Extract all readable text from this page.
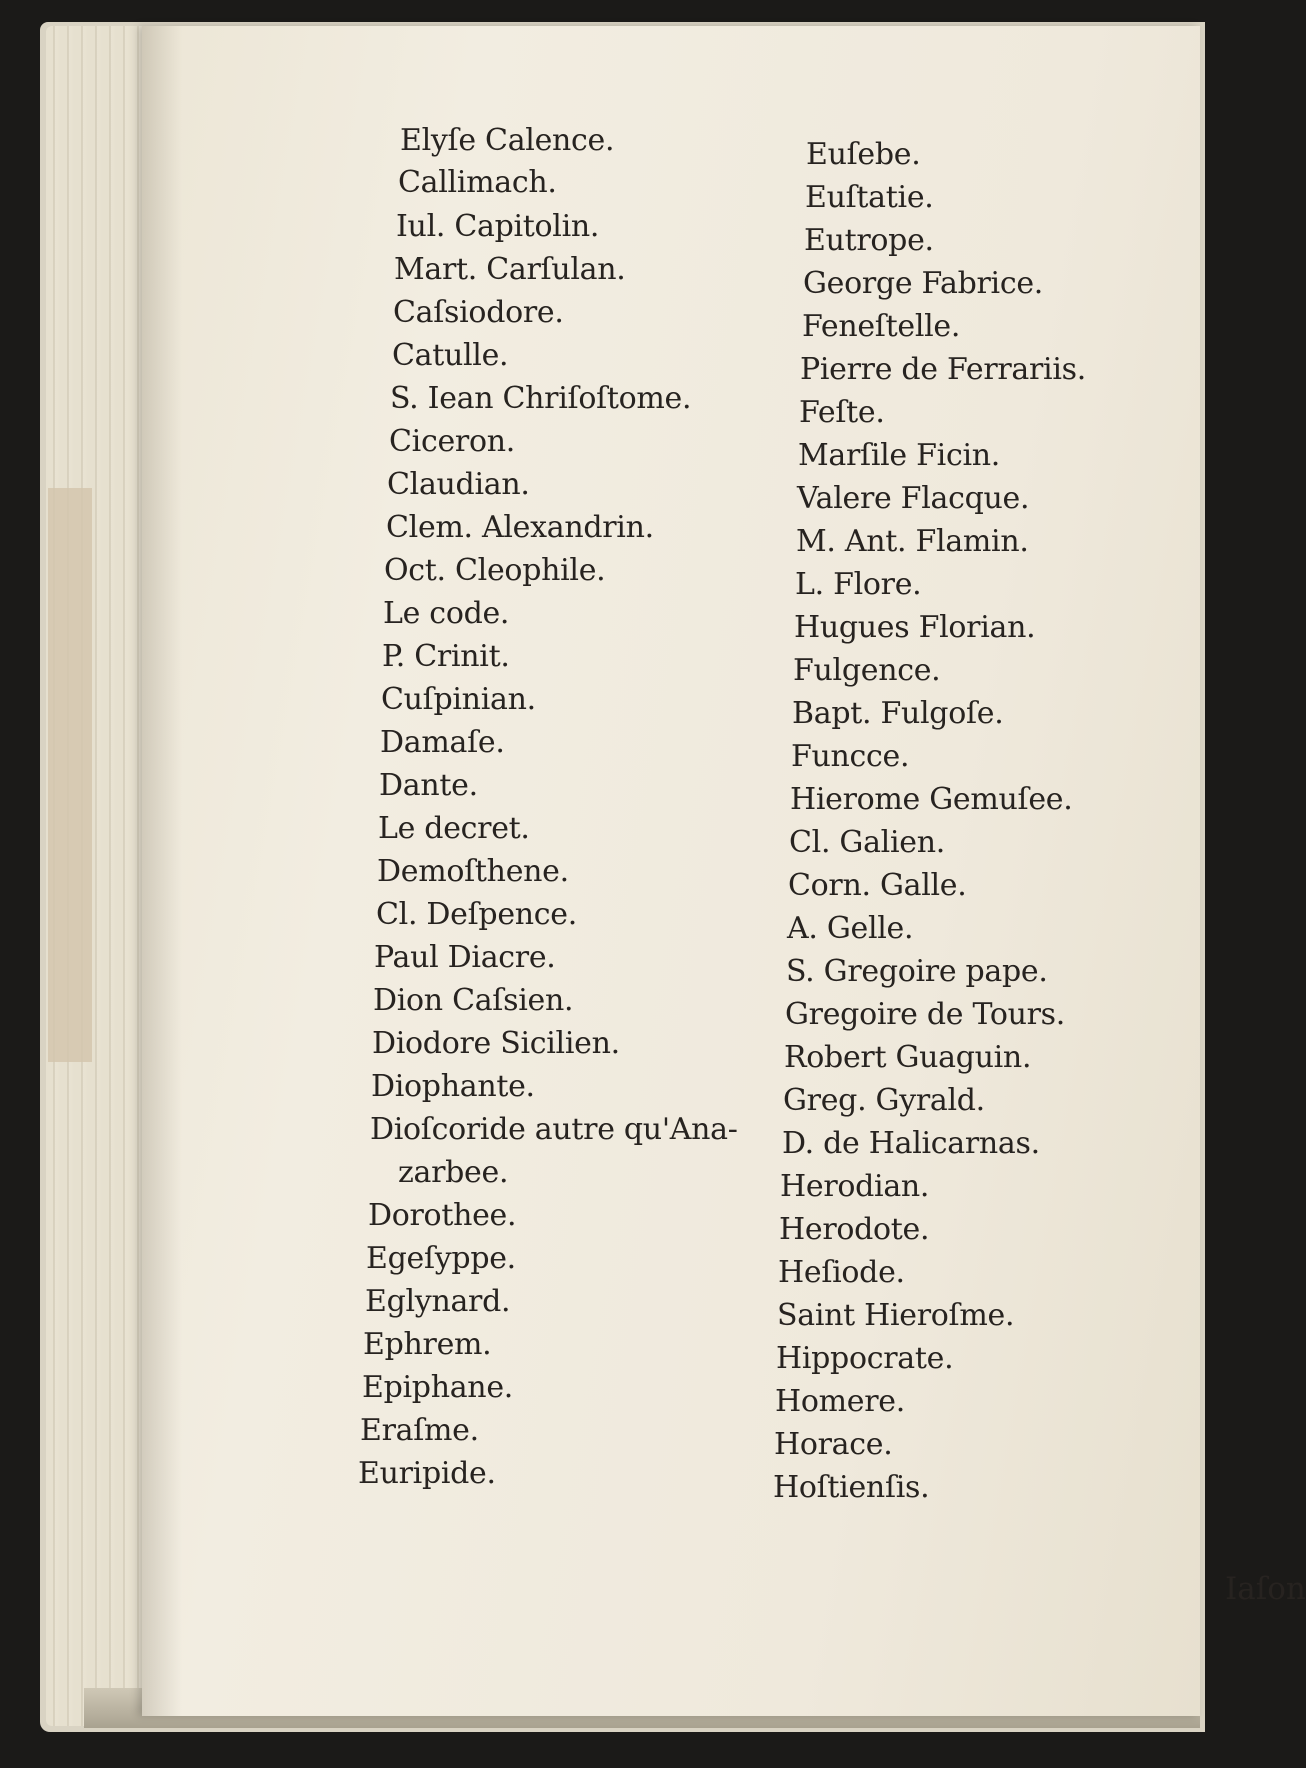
Elyſe Calence.
Callimach.
Iul. Capitolin.
Mart. Carſulan.
Caſsiodore.
Catulle.
S. Iean Chriſoſtome.
Ciceron.
Claudian.
Clem. Alexandrin.
Oct. Cleophile.
Le code.
P. Crinit.
Cuſpinian.
Damaſe.
Dante.
Le decret.
Demoſthene.
Cl. Deſpence.
Paul Diacre.
Dion Caſsien.
Diodore Sicilien.
Diophante.
Dioſcoride autre qu'Ana-
zarbee.
Dorothee.
Egeſyppe.
Eglynard.
Ephrem.
Epiphane.
Eraſme.
Euripide.
Euſebe.
Euſtatie.
Eutrope.
George Fabrice.
Feneſtelle.
Pierre de Ferrariis.
Feſte.
Marſile Ficin.
Valere Flacque.
M. Ant. Flamin.
L. Flore.
Hugues Florian.
Fulgence.
Bapt. Fulgoſe.
Funcce.
Hierome Gemuſee.
Cl. Galien.
Corn. Galle.
A. Gelle.
S. Gregoire pape.
Gregoire de Tours.
Robert Guaguin.
Greg. Gyrald.
D. de Halicarnas.
Herodian.
Herodote.
Heſiode.
Saint Hieroſme.
Hippocrate.
Homere.
Horace.
Hoſtienſis.
Iaſon
